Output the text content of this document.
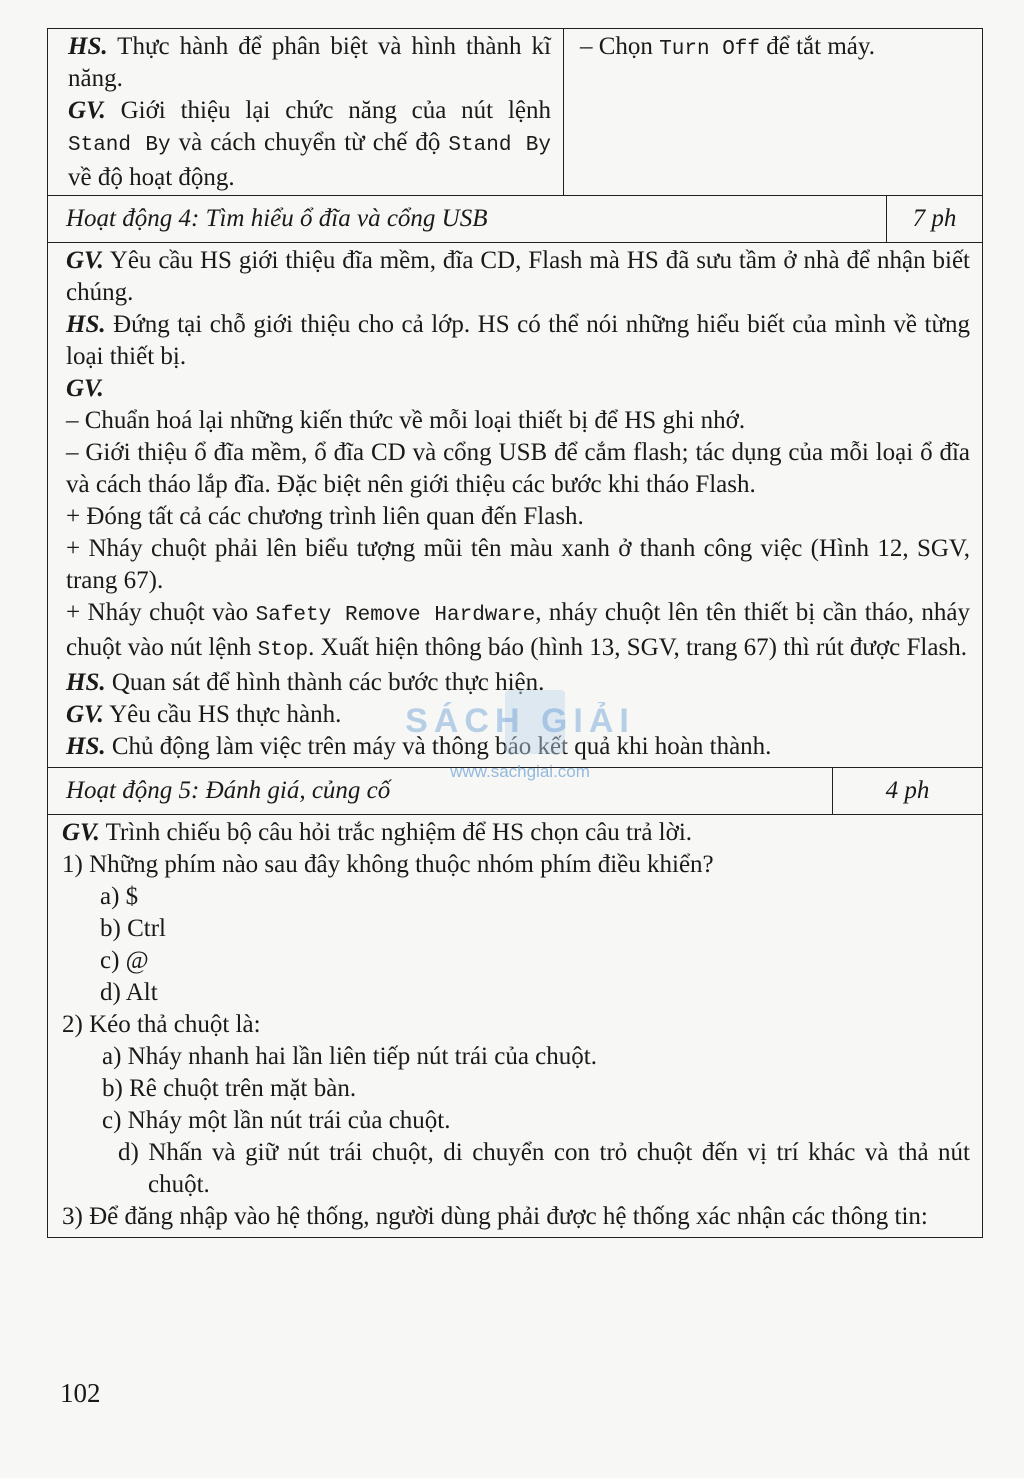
HS. Thực hành để phân biệt và hình thành kĩ năng.

GV. Giới thiệu lại chức năng của nút lệnh Stand By và cách chuyển từ chế độ Stand By về độ hoạt động.

– Chọn Turn Off để tắt máy.

Hoạt động 4: Tìm hiểu ổ đĩa và cổng USB	7 ph

GV. Yêu cầu HS giới thiệu đĩa mềm, đĩa CD, Flash mà HS đã sưu tầm ở nhà để nhận biết chúng.

HS. Đứng tại chỗ giới thiệu cho cả lớp. HS có thể nói những hiểu biết của mình về từng loại thiết bị.

GV.

– Chuẩn hoá lại những kiến thức về mỗi loại thiết bị để HS ghi nhớ.

– Giới thiệu ổ đĩa mềm, ổ đĩa CD và cổng USB để cắm flash; tác dụng của mỗi loại ổ đĩa và cách tháo lắp đĩa. Đặc biệt nên giới thiệu các bước khi tháo Flash.

+ Đóng tất cả các chương trình liên quan đến Flash.

+ Nháy chuột phải lên biểu tượng mũi tên màu xanh ở thanh công việc (Hình 12, SGV, trang 67).

+ Nháy chuột vào Safety Remove Hardware, nháy chuột lên tên thiết bị cần tháo, nháy chuột vào nút lệnh Stop. Xuất hiện thông báo (hình 13, SGV, trang 67) thì rút được Flash.

HS. Quan sát để hình thành các bước thực hiện.

GV. Yêu cầu HS thực hành.

HS. Chủ động làm việc trên máy và thông báo kết quả khi hoàn thành.

Hoạt động 5: Đánh giá, củng cố	4 ph

GV. Trình chiếu bộ câu hỏi trắc nghiệm để HS chọn câu trả lời.

1) Những phím nào sau đây không thuộc nhóm phím điều khiển?

a) $

b) Ctrl

c) @

d) Alt

2) Kéo thả chuột là:

a) Nháy nhanh hai lần liên tiếp nút trái của chuột.

b) Rê chuột trên mặt bàn.

c) Nháy một lần nút trái của chuột.

d) Nhấn và giữ nút trái chuột, di chuyển con trỏ chuột đến vị trí khác và thả nút chuột.

3) Để đăng nhập vào hệ thống, người dùng phải được hệ thống xác nhận các thông tin:

SÁCH GIẢI
www.sachgiai.com
102
